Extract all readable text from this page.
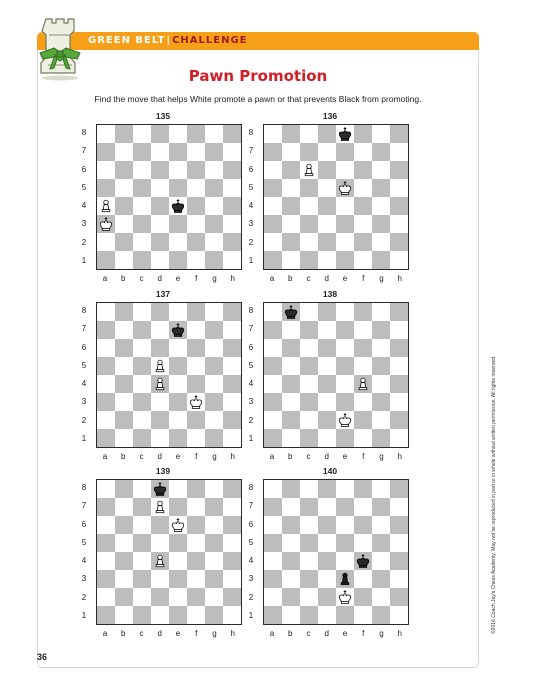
GREEN BELT|CHALLENGE
Pawn Promotion
Find the move that helps White promote a pawn or that prevents Black from promoting.
135
8
7
6
5
4
3
2
1
a	b	c	d	e	f	g	h
136
8
7
6
5
4
3
2
1
a	b	c	d	e	f	g	h
137
8
7
6
5
4
3
2
1
a	b	c	d	e	f	g	h
138
8
7
6
5
4
3
2
1
a	b	c	d	e	f	g	h
139
8
7
6
5
4
3
2
1
a	b	c	d	e	f	g	h
140
8
7
6
5
4
3
2
1
a	b	c	d	e	f	g	h
36
©2016 Coach Jay's Chess Academy. May not be reproduced in part or in whole without written permission. All rights reserved.
